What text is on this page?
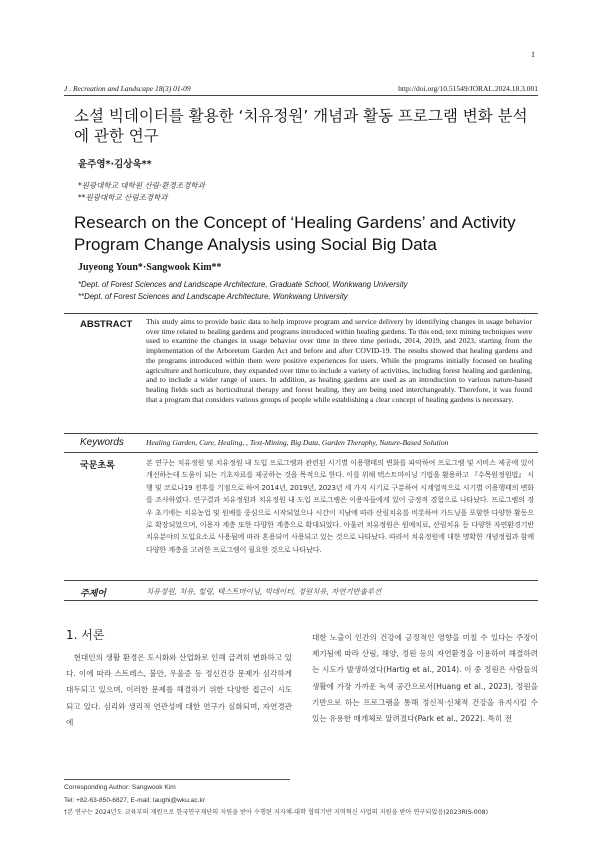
1
J . Recreation and Landscape 18(3) 01-09	http://doi.org/10.51549/JORAL.2024.18.3.001
소셜 빅데이터를 활용한 ‘치유정원’ 개념과 활동 프로그램 변화 분석에 관한 연구
윤주영*·김상욱**
*원광대학교 대학원 산림·환경조경학과
**원광대학교 산림조경학과
Research on the Concept of ‘Healing Gardens’ and Activity Program Change Analysis using Social Big Data
Juyeong Youn*·Sangwook Kim**
*Dept. of Forest Sciences and Landscape Architecture, Graduate School, Wonkwang University
**Dept. of Forest Sciences and Landscape Architecture, Wonkwang University
ABSTRACT This study aims to provide basic data to help improve program and service delivery by identifying changes in usage behavior over time related to healing gardens and programs introduced within healing gardens. To this end, text mining techniques were used to examine the changes in usage behavior over time in three time periods, 2014, 2019, and 2023, starting from the implementation of the Arboretum Garden Act and before and after COVID-19. The results showed that healing gardens and the programs introduced within them were positive experiences for users. While the programs initially focused on healing agriculture and horticulture, they expanded over time to include a variety of activities, including forest healing and gardening, and to include a wider range of users. In addition, as healing gardens are used as an introduction to various nature-based healing fields such as horticultural therapy and forest healing, they are being used interchangeably. Therefore, it was found that a program that considers various groups of people while establishing a clear concept of healing gardens is necessary.
Keywords	Healing Garden, Cure, Healing, , Text-Mining, Big Data, Garden Theraphy, Nature-Based Solution
국문초록	본 연구는 치유정원 및 치유정원 내 도입 프로그램과 관련된 시기별 이용행태의 변화를 파악하여 프로그램 및 서비스 제공에 있어 개선하는데 도움이 되는 기초자료를 제공하는 것을 목적으로 한다. 이를 위해 텍스트마이닝 기법을 활용하고 『수목원정원법』 시행 및 코로나19 전후를 기점으로 하여 2014년, 2019년, 2023년 세 가지 시기로 구분하여 시계열적으로 시기별 이용행태의 변화를 조사하였다. 연구결과 치유정원과 치유정원 내 도입 프로그램은 이용자들에게 있어 긍정적 경험으로 나타났다. 프로그램의 경우 초기에는 치유농업 및 원예를 중심으로 시작되었으나 시간이 지남에 따라 산림치유를 비롯하여 가드닝을 포함한 다양한 활동으로 확장되었으며, 이용자 계층 또한 다양한 계층으로 확대되었다. 아울러 치유정원은 원예치료, 산림치유 등 다양한 자연환경기반 치유분야의 도입요소로 사용됨에 따라 혼용되어 사용되고 있는 것으로 나타났다. 따라서 치유정원에 대한 명확한 개념정립과 함께 다양한 계층을 고려한 프로그램이 필요한 것으로 나타났다.
주제어	치유정원, 치유, 힐링, 텍스트마이닝, 빅데이터, 정원치유, 자연기반솔루션
1. 서론

현대인의 생활 환경은 도시화와 산업화로 인해 급격히 변화하고 있다. 이에 따라 스트레스, 불안, 우울증 등 정신건강 문제가 심각하게 대두되고 있으며, 이러한 문제를 해결하기 위한 다양한 접근이 시도되고 있다. 심리와 생리적 연관성에 대한 연구가 심화되며, 자연경관에

대한 노출이 인간의 건강에 긍정적인 영향을 미칠 수 있다는 주장이 제기됨에 따라 산림, 해양, 정원 등의 자연환경을 이용하여 해결하려는 시도가 발생하였다(Hartig et al., 2014). 이 중 정원은 사람들의 생활에 가장 가까운 녹색 공간으로서(Huang et al., 2023), 정원을 기반으로 하는 프로그램을 통해 정신적·신체적 건강을 유지시킬 수 있는 유용한 매개체로 알려졌다(Park et al., 2022). 특히 전

Corresponding Author: Sangwook Kim
Tel: +82-63-850-6827, E-mail: laughi@wku.ac.kr
†본 연구는 2024년도 교육부의 재원으로 한국연구재단의 지원을 받아 수행된 지자체-대학 협력기반 지역혁신 사업의 지원을 받아 연구되었음(2023RIS-008)
